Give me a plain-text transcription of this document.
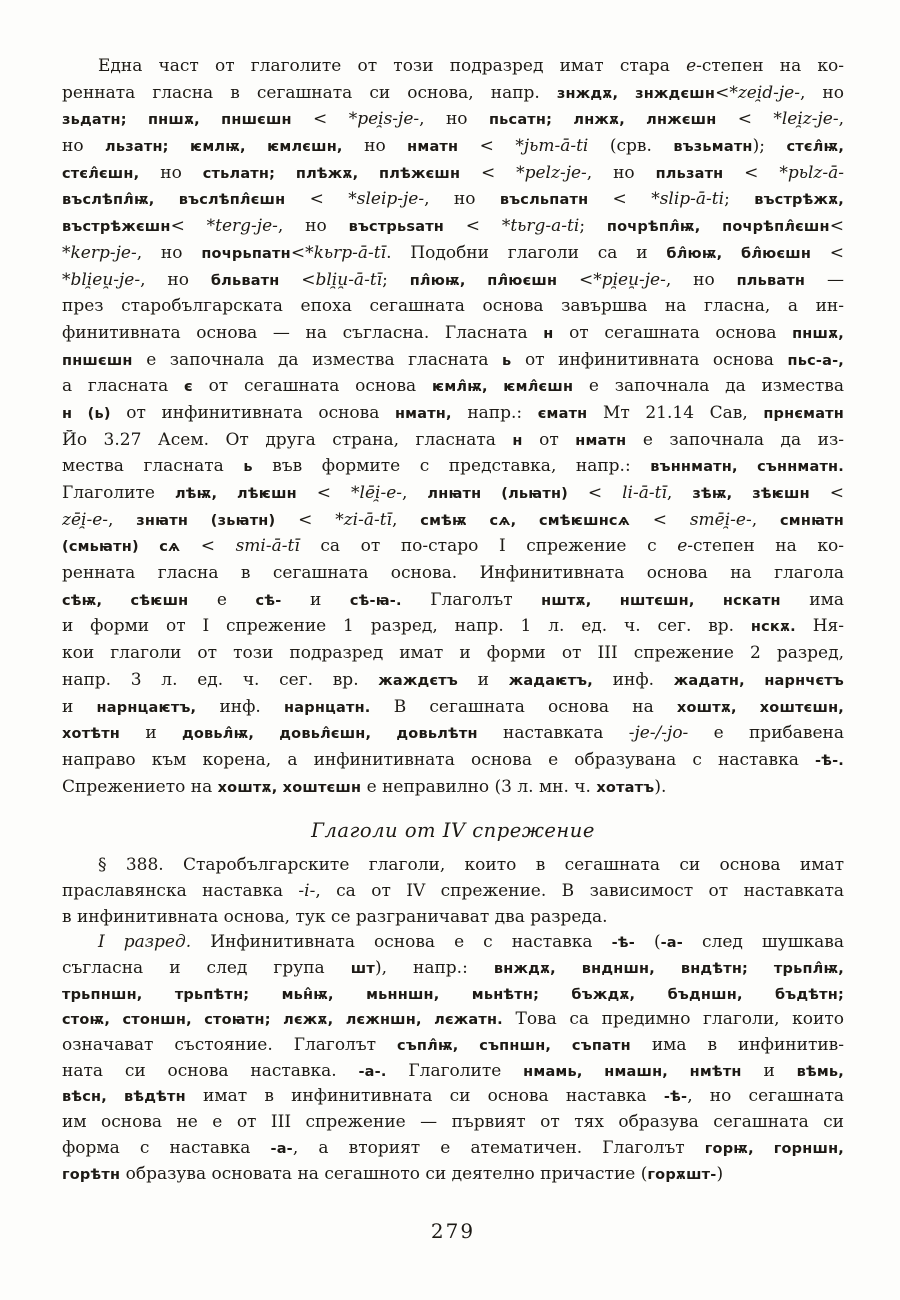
Една част от глаголите от този подразред имат стара е-степен на ко-
ренната гласна в сегашната си основа, напр. знждѫ, знждєшн<*zei̯d-je-, но
зьдатн; пншѫ, пншєшн < *pei̯s-je-, но пьсатн; лнжѫ, лнжєшн < *lei̯z-je-,
но льзатн; ѥмлѭ, ѥмлєшн, но нматн < *jьm-ā-ti (срв. възьматн); стєл̂ѭ,
стєл̂єшн, но стьлатн; плѣжѫ, плѣжєшн < *pelz-je-, но пльзатн < *pьlz-ā-
въслѣпл̂ѭ, въслѣпл̂єшн < *sleip-je-, но въсльпатн < *slip-ā-ti; въстрѣжѫ,
въстрѣжєшн< *terg-je-, но въстрьѕатн < *tьrg-a-ti; почрѣпл̂ѭ, почрѣпл̂єшн<
*kerp-je-, но почрьпатн<*kьrp-ā-tī. Подобни глаголи са и бл̂юѭ, бл̂юєшн <
*bli̯eu̯-je-, но бльватн <bli̯u̯-ā-tī; пл̂юѭ, пл̂юєшн <*pi̯eu̯-je-, но пльватн —
през старобългарската епоха сегашната основа завършва на гласна, а ин-
финитивната основа — на съгласна. Гласната н от сегашната основа пншѫ,
пншєшн е започнала да измества гласната ь от инфинитивната основа пьс-а-,
а гласната є от сегашната основа ѥмл̂ѭ, ѥмл̂єшн е започнала да измества
н (ь) от инфинитивната основа нматн, напр.: єматн Мт 21.14 Сав, прнєматн
Йо 3.27 Асем. От друга страна, гласната н от нматн е започнала да из-
мества гласната ь във формите с представка, напр.: въннматн, съннматн.
Глаголите лѣѭ, лѣѥшн < *lēi̯-e-, лнꙗтн (льꙗтн) < li-ā-tī, зѣѭ, зѣѥшн <
zēi̯-e-, знꙗтн (зьꙗтн) < *zi-ā-tī, смѣѭ сѧ, смѣѥшнсѧ < smēi̯-e-, смнꙗтн
(смьꙗтн) сѧ < smi-ā-tī са от по-старо I спрежение с е-степен на ко-
ренната гласна в сегашната основа. Инфинитивната основа на глагола
сѣѭ, сѣѥшн е сѣ- и сѣ-ꙗ-. Глаголът нштѫ, нштєшн, нскатн има
и форми от I спрежение 1 разред, напр. 1 л. ед. ч. сег. вр. нскѫ. Ня-
кои глаголи от този подразред имат и форми от III спрежение 2 разред,
напр. 3 л. ед. ч. сег. вр. жаждєтъ и жадаѥтъ, инф. жадатн, нарнчєтъ
и нарнцаѥтъ, инф. нарнцатн. В сегашната основа на хоштѫ, хоштєшн,
хотѣтн и довьл̂ѭ, довьл̂єшн, довьлѣтн наставката -je-/-jo- е прибавена
направо към корена, а инфинитивната основа е образувана с наставка -ѣ-.
Спрежението на хоштѫ, хоштєшн е неправилно (3 л. мн. ч. хотатъ).
Глаголи от IV спрежение
§ 388. Старобългарските глаголи, които в сегашната си основа имат
праславянска наставка -i-, са от IV спрежение. В зависимост от наставката
в инфинитивната основа, тук се разграничават два разреда.
I разред. Инфинитивната основа е с наставка -ѣ- (-а- след шушкава
съгласна и след група шт), напр.: внждѫ, вндншн, вндѣтн; трьпл̂ѭ,
трьпншн, трьпѣтн; мьн̂ѭ, мьнншн, мьнѣтн; бъждѫ, бъдншн, бъдѣтн;
стоѭ, стоншн, стоꙗтн; лєжѫ, лєжншн, лєжатн. Това са предимно глаголи, които
означават състояние. Глаголът съпл̂ѭ, съпншн, съпатн има в инфинитив-
ната си основа наставка. -а-. Глаголите нмамь, нмашн, нмѣтн и вѣмь,
вѣсн, вѣдѣтн имат в инфинитивната си основа наставка -ѣ-, но сегашната
им основа не е от III спрежение — първият от тях образува сегашната си
форма с наставка -а-, а вторият е атематичен. Глаголът горѭ, горншн,
горѣтн образува основата на сегашното си деятелно причастие (горѫшт-)
279
